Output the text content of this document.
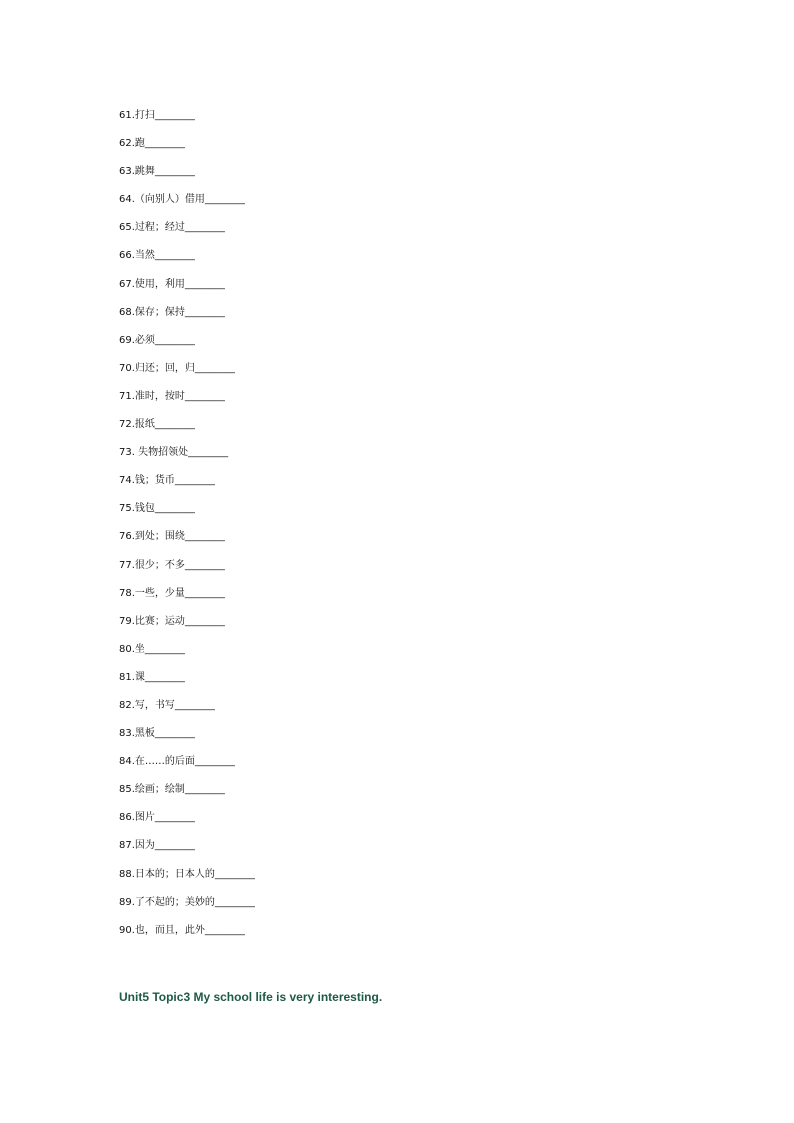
61.打扫________
62.跑________
63.跳舞________
64.（向别人）借用________
65.过程；经过________
66.当然________
67.使用，利用________
68.保存；保持________
69.必须________
70.归还；回，归________
71.准时，按时________
72.报纸________
73. 失物招领处________
74.钱；货币________
75.钱包________
76.到处；围绕________
77.很少；不多________
78.一些，少量________
79.比赛；运动________
80.坐________
81.课________
82.写，书写________
83.黑板________
84.在……的后面________
85.绘画；绘制________
86.图片________
87.因为________
88.日本的；日本人的________
89.了不起的；美妙的________
90.也，而且，此外________

Unit5 Topic3 My school life is very interesting.
